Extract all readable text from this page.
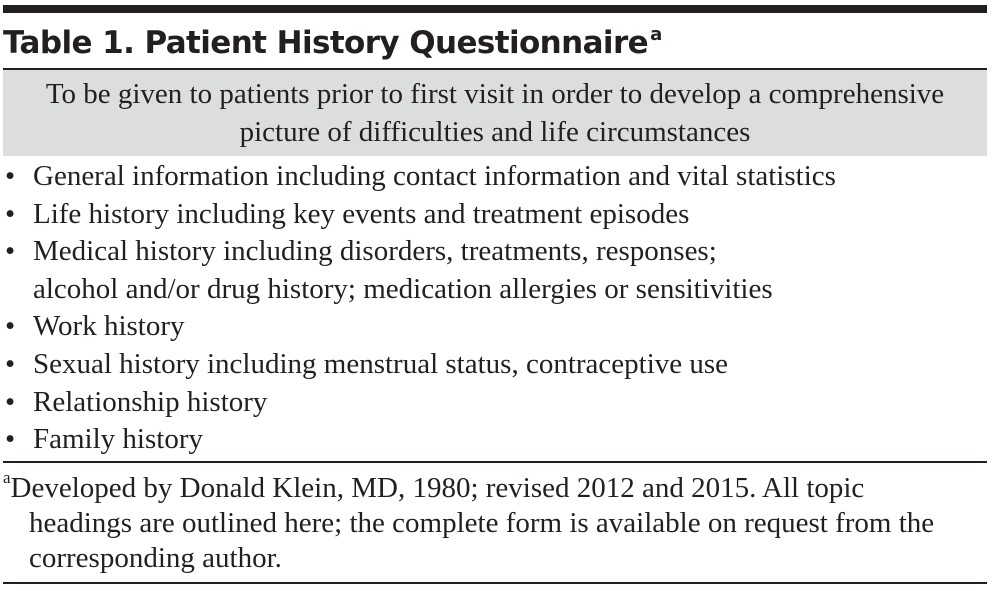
Table 1. Patient History Questionnaire $^a$
To be given to patients prior to first visit in order to develop a comprehensive picture of difficulties and life circumstances
• General information including contact information and vital statistics
• Life history including key events and treatment episodes
• Medical history including disorders, treatments, responses;
alcohol and/or drug history; medication allergies or sensitivities
• Work history
• Sexual history including menstrual status, contraceptive use
• Relationship history
• Family history
$^a$Developed by Donald Klein, MD, 1980; revised 2012 and 2015. All topic headings are outlined here; the complete form is available on request from the corresponding author.
